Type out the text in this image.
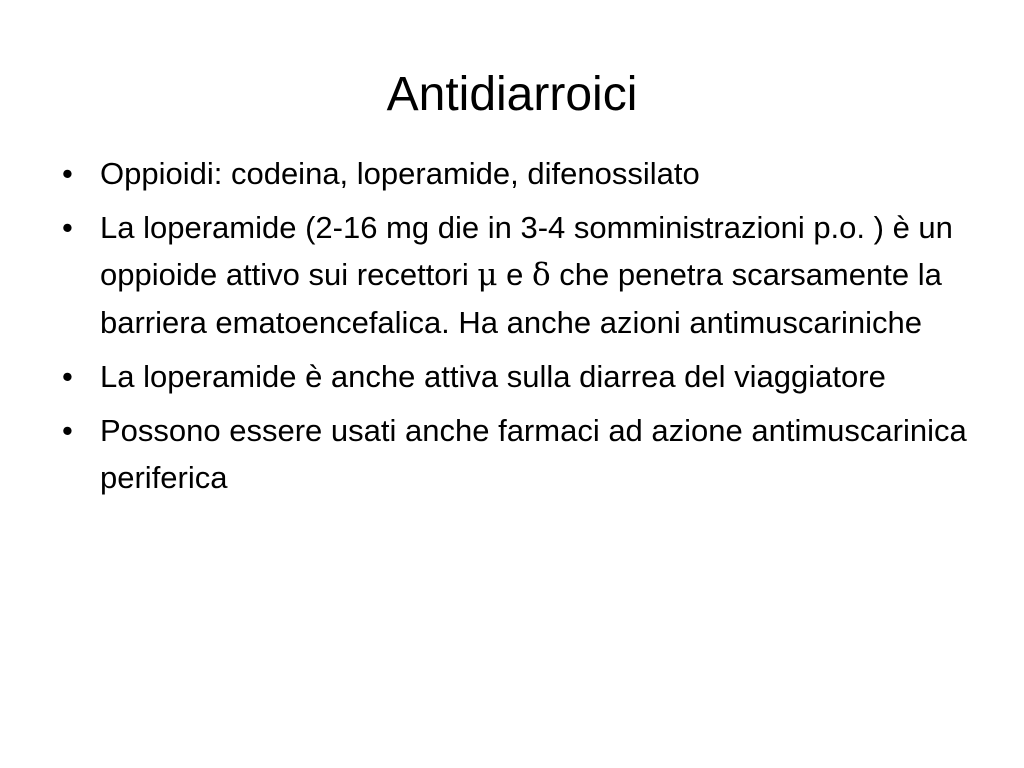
Antidiarroici
• Oppioidi: codeina, loperamide, difenossilato
• La loperamide (2-16 mg die in 3-4 somministrazioni p.o. ) è un oppioide attivo sui recettori μ e δ che penetra scarsamente la barriera ematoencefalica. Ha anche azioni antimuscariniche
• La loperamide è anche attiva sulla diarrea del viaggiatore
• Possono essere usati anche farmaci ad azione antimuscarinica periferica
